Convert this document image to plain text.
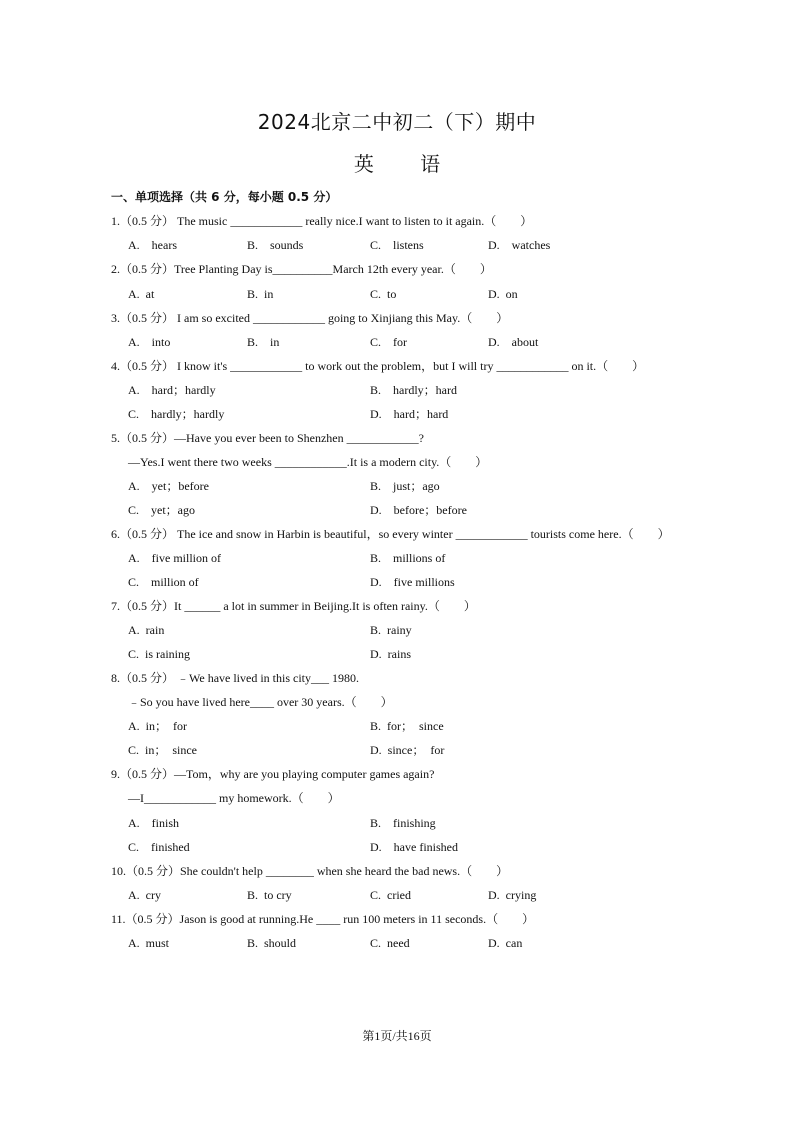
2024北京二中初二（下）期中
英 语
一、单项选择（共 6 分，每小题 0.5 分）
1.（0.5 分） The music ____________ really nice.I want to listen to it again.（　　）
A.　hears	B.　sounds	C.　listens	D.　watches
2.（0.5 分）Tree Planting Day is__________March 12th every year.（　　）
A.  at	B.  in	C.  to	D.  on
3.（0.5 分） I am so excited ____________ going to Xinjiang this May.（　　）
A.　into	B.　in	C.　for	D.　about
4.（0.5 分） I know it's ____________ to work out the problem，but I will try ____________ on it.（　　）
A.　hard；hardly	B.　hardly；hard
C.　hardly；hardly	D.　hard；hard
5.（0.5 分）—Have you ever been to Shenzhen ____________?
—Yes.I went there two weeks ____________.It is a modern city.（　　）
A.　yet；before	B.　just；ago
C.　yet；ago	D.　before；before
6.（0.5 分） The ice and snow in Harbin is beautiful，so every winter ____________ tourists come here.（　　）
A.　five million of	B.　millions of
C.　million of	D.　five millions
7.（0.5 分）It ______ a lot in summer in Beijing.It is often rainy.（　　）
A.  rain	B.  rainy
C.  is raining	D.  rains
8.（0.5 分） ﹣We have lived in this city___ 1980.
﹣So you have lived here____ over 30 years.（　　）
A.  in；  for	B.  for；  since
C.  in；  since	D.  since；  for
9.（0.5 分）—Tom，why are you playing computer games again?
—I____________ my homework.（　　）
A.　finish	B.　finishing
C.　finished	D.　have finished
10.（0.5 分）She couldn't help ________ when she heard the bad news.（　　）
A.  cry	B.  to cry	C.  cried	D.  crying
11.（0.5 分）Jason is good at running.He ____ run 100 meters in 11 seconds.（　　）
A.  must	B.  should	C.  need	D.  can
第1页/共16页
